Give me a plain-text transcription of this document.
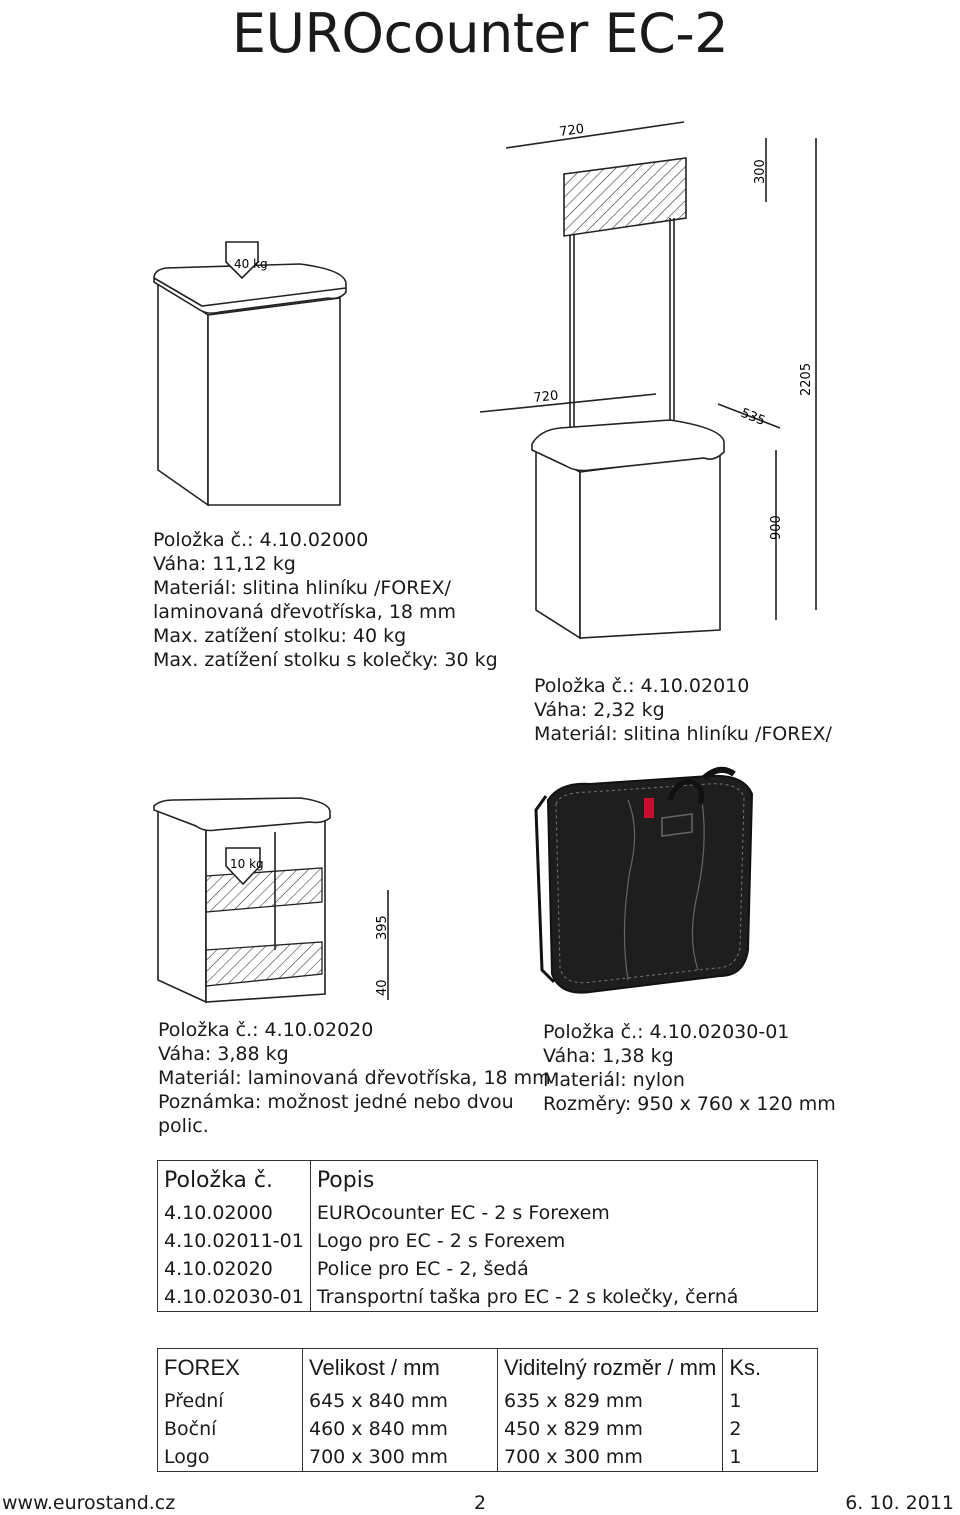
EUROcounter EC-2
40 kg
720
300
2205
720
535
900
10 kg
395
40
Položka č.: 4.10.02000
Váha: 11,12 kg
Materiál: slitina hliníku /FOREX/
laminovaná dřevotříska, 18 mm
Max. zatížení stolku: 40 kg
Max. zatížení stolku s kolečky: 30 kg
Položka č.: 4.10.02010
Váha: 2,32 kg
Materiál: slitina hliníku /FOREX/
Položka č.: 4.10.02020
Váha: 3,88 kg
Materiál: laminovaná dřevotříska, 18 mm
Poznámka: možnost jedné nebo dvou
polic.
Položka č.: 4.10.02030-01
Váha: 1,38 kg
Materiál: nylon
Rozměry: 950 x 760 x 120 mm
Položka č.	Popis
4.10.02000	EUROcounter EC - 2 s Forexem
4.10.02011-01	Logo pro EC - 2 s Forexem
4.10.02020	Police pro EC - 2, šedá
4.10.02030-01	Transportní taška pro EC - 2 s kolečky, černá
FOREX	Velikost / mm	Viditelný rozměr / mm	Ks.
Přední	645 x 840 mm	635 x 829 mm	1
Boční	460 x 840 mm	450 x 829 mm	2
Logo	700 x 300 mm	700 x 300 mm	1
www.eurostand.cz	2	6. 10. 2011
